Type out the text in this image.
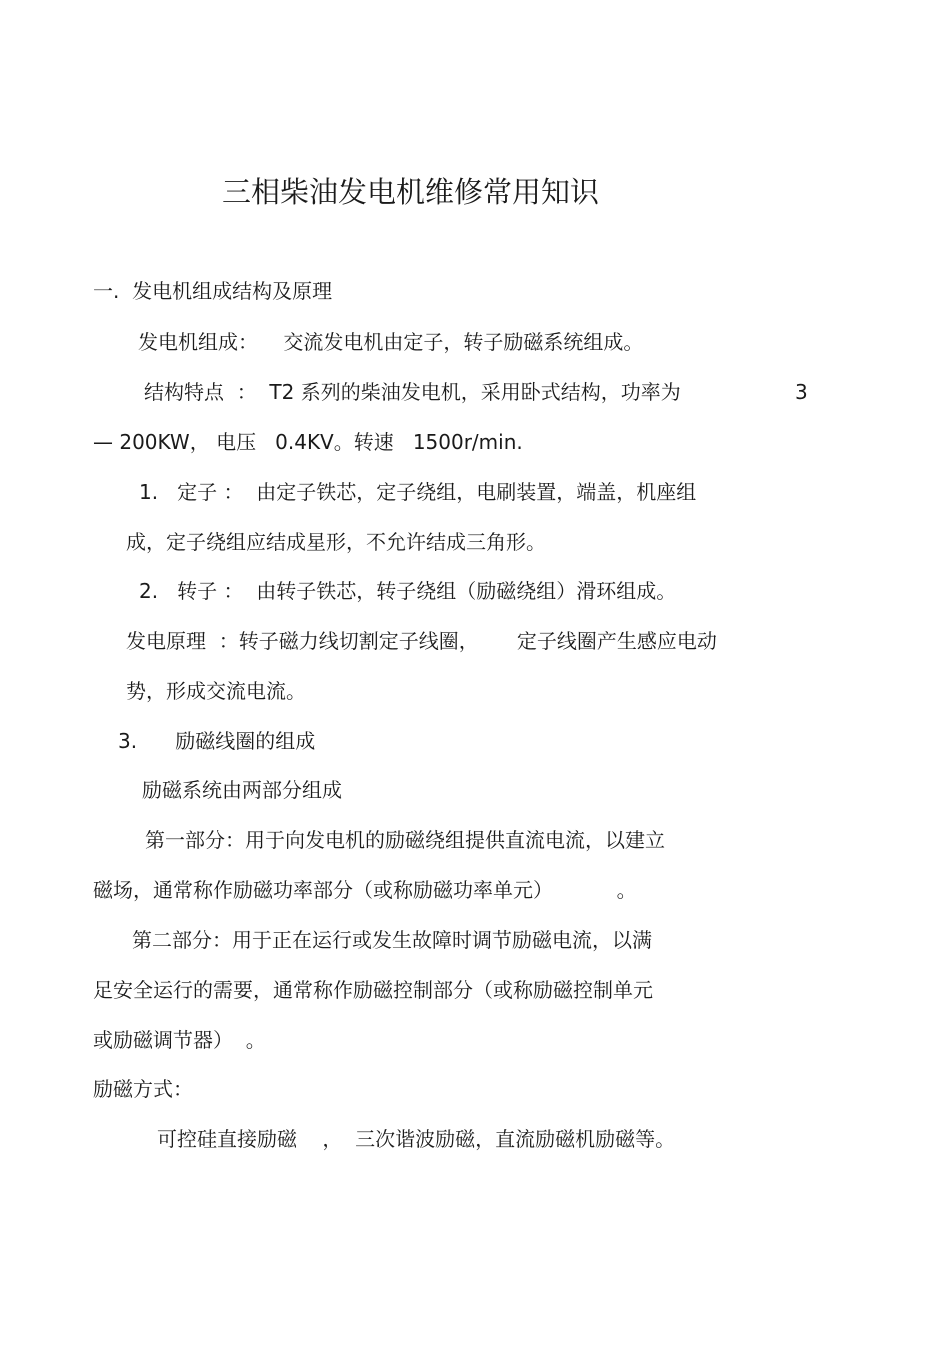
三相柴油发电机维修常用知识

一.  发电机组成结构及原理

发电机组成：    交流发电机由定子，转子励磁系统组成。

结构特点  ：  T2 系列的柴油发电机，采用卧式结构，功率为	3

— 200KW， 电压   0.4KV。转速   1500r/min.

1.   定子 ：  由定子铁芯，定子绕组，电刷装置，端盖，机座组

成，定子绕组应结成星形，不允许结成三角形。

2.   转子 ：  由转子铁芯，转子绕组（励磁绕组）滑环组成。

发电原理  ：转子磁力线切割定子线圈，      定子线圈产生感应电动

势，形成交流电流。

3.      励磁线圈的组成

励磁系统由两部分组成

第一部分：用于向发电机的励磁绕组提供直流电流，以建立

磁场，通常称作励磁功率部分（或称励磁功率单元）          。

第二部分：用于正在运行或发生故障时调节励磁电流，以满

足安全运行的需要，通常称作励磁控制部分（或称励磁控制单元

或励磁调节器）  。

励磁方式：

可控硅直接励磁    ，  三次谐波励磁，直流励磁机励磁等。
